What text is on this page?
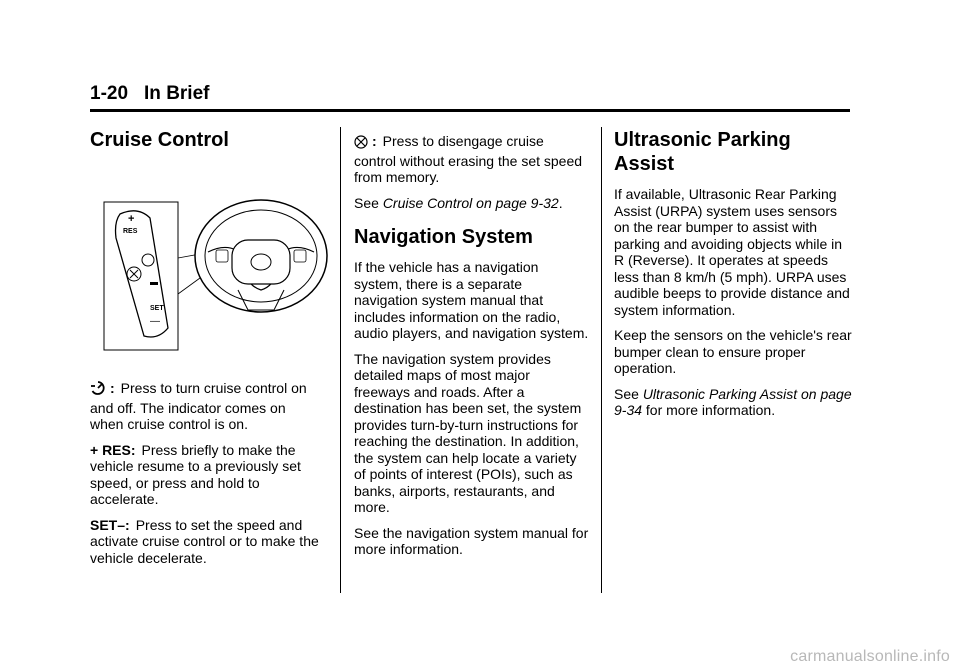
1-20 In Brief
Cruise Control
+
RES
SET
—

: Press to turn cruise control on and off. The indicator comes on when cruise control is on.

+ RES: Press briefly to make the vehicle resume to a previously set speed, or press and hold to accelerate.

SET–: Press to set the speed and activate cruise control or to make the vehicle decelerate.

: Press to disengage cruise control without erasing the set speed from memory.

See Cruise Control on page 9-32.

Navigation System

If the vehicle has a navigation system, there is a separate navigation system manual that includes information on the radio, audio players, and navigation system.

The navigation system provides detailed maps of most major freeways and roads. After a destination has been set, the system provides turn-by-turn instructions for reaching the destination. In addition, the system can help locate a variety of points of interest (POIs), such as banks, airports, restaurants, and more.

See the navigation system manual for more information.

Ultrasonic Parking Assist

If available, Ultrasonic Rear Parking Assist (URPA) system uses sensors on the rear bumper to assist with parking and avoiding objects while in R (Reverse). It operates at speeds less than 8 km/h (5 mph). URPA uses audible beeps to provide distance and system information.

Keep the sensors on the vehicle's rear bumper clean to ensure proper operation.

See Ultrasonic Parking Assist on page 9-34 for more information.

carmanualsonline.info
